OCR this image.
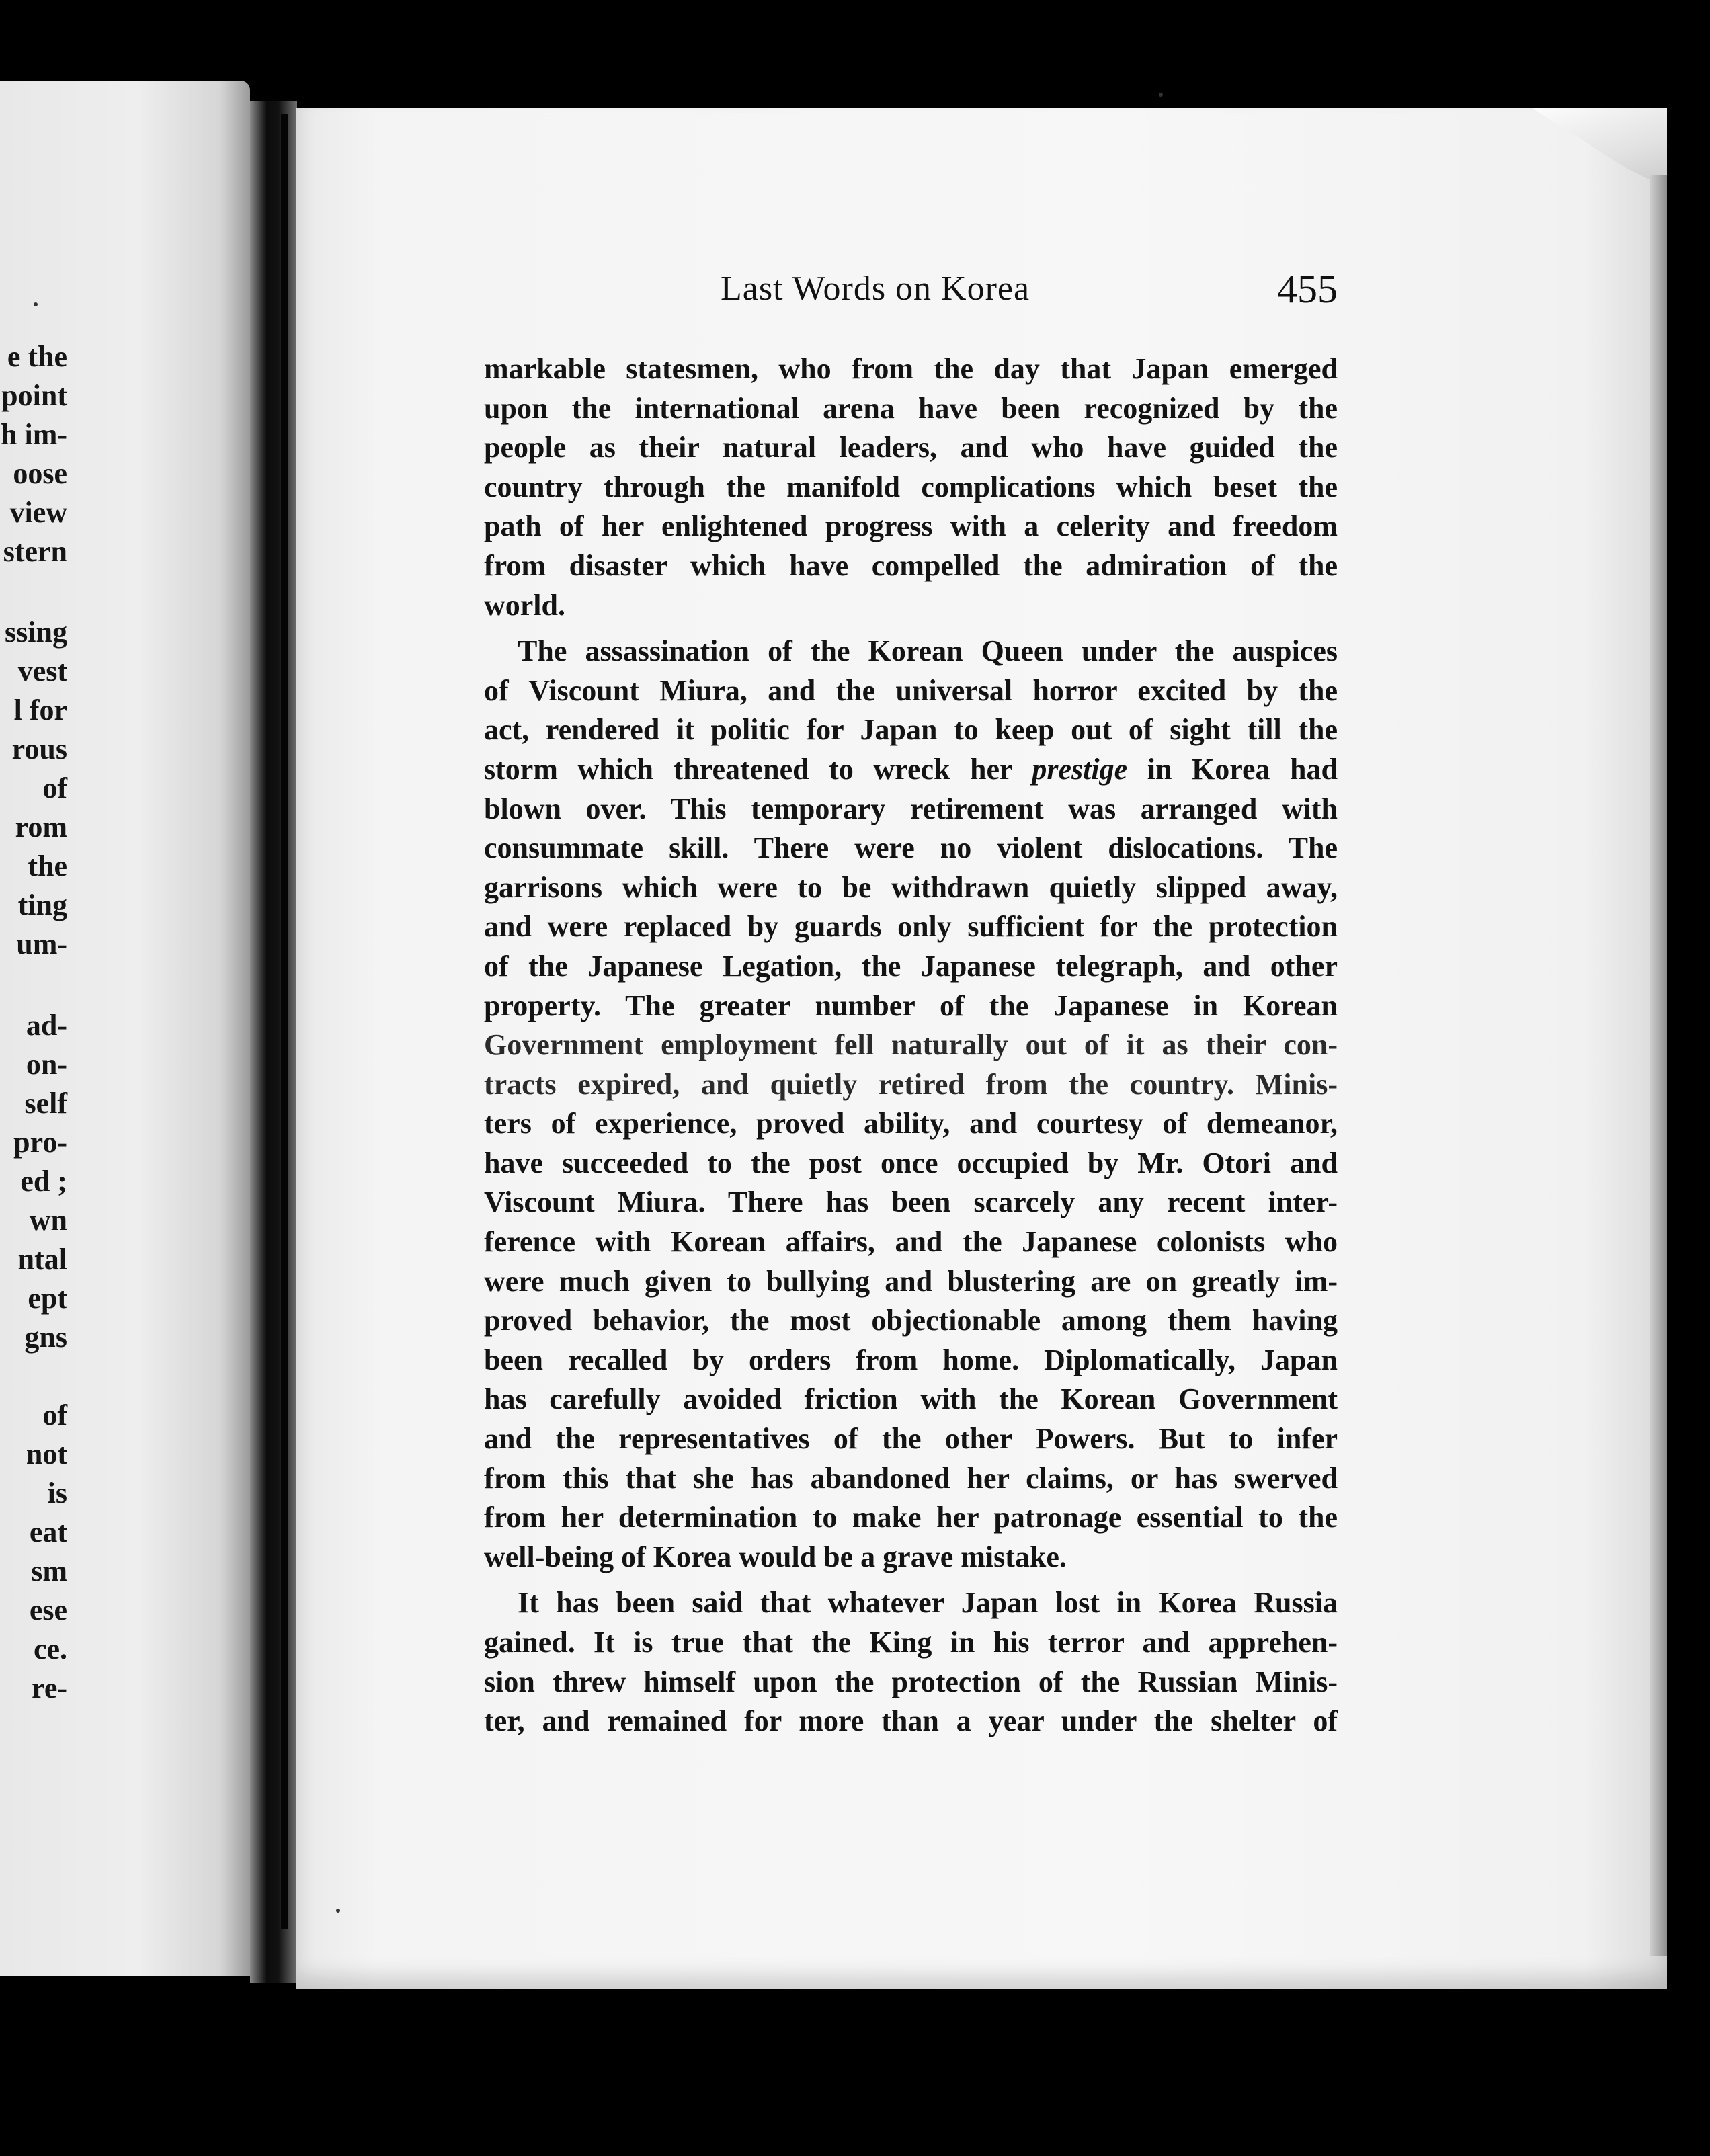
e the
point
h im-
oose
view
stern
ssing
vest
l for
rous
of
rom
the
ting
um-
ad-
on-
self
pro-
ed ;
wn
ntal
ept
gns
of
not
is
eat
sm
ese
ce.
re-
Last Words on Korea	455
markable statesmen, who from the day that Japan emerged
upon the international arena have been recognized by the
people as their natural leaders, and who have guided the
country through the manifold complications which beset the
path of her enlightened progress with a celerity and freedom
from disaster which have compelled the admiration of the
world.
The assassination of the Korean Queen under the auspices
of Viscount Miura, and the universal horror excited by the
act, rendered it politic for Japan to keep out of sight till the
storm which threatened to wreck her prestige in Korea had
blown over. This temporary retirement was arranged with
consummate skill. There were no violent dislocations. The
garrisons which were to be withdrawn quietly slipped away,
and were replaced by guards only sufficient for the protection
of the Japanese Legation, the Japanese telegraph, and other
property. The greater number of the Japanese in Korean
Government employment fell naturally out of it as their con-
tracts expired, and quietly retired from the country. Minis-
ters of experience, proved ability, and courtesy of demeanor,
have succeeded to the post once occupied by Mr. Otori and
Viscount Miura. There has been scarcely any recent inter-
ference with Korean affairs, and the Japanese colonists who
were much given to bullying and blustering are on greatly im-
proved behavior, the most objectionable among them having
been recalled by orders from home. Diplomatically, Japan
has carefully avoided friction with the Korean Government
and the representatives of the other Powers. But to infer
from this that she has abandoned her claims, or has swerved
from her determination to make her patronage essential to the
well-being of Korea would be a grave mistake.
It has been said that whatever Japan lost in Korea Russia
gained. It is true that the King in his terror and apprehen-
sion threw himself upon the protection of the Russian Minis-
ter, and remained for more than a year under the shelter of
